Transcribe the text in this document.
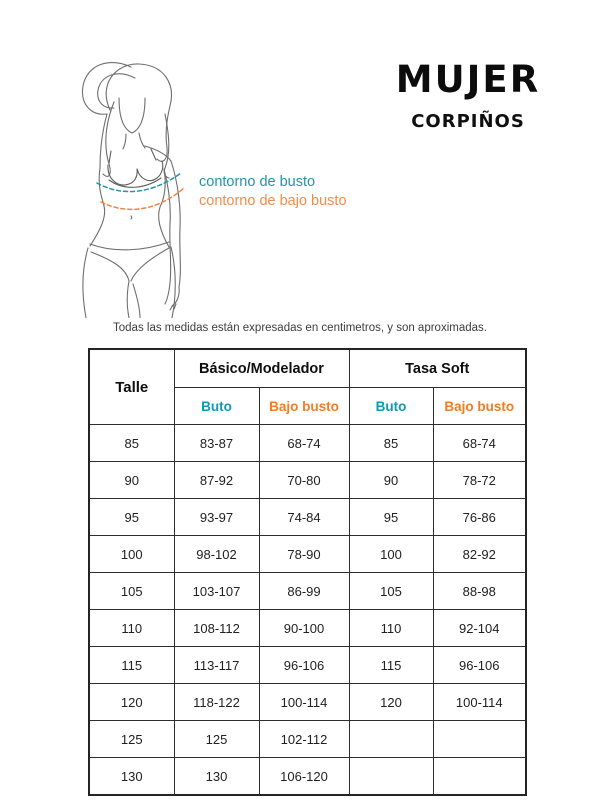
contorno de busto
contorno de bajo busto
MUJER
CORPIÑOS
Todas las medidas están expresadas en centimetros, y son aproximadas.
Talle	Básico/Modelador		Tasa Soft	
	Buto	Bajo busto	Buto	Bajo busto
85	83-87	68-74	85	68-74
90	87-92	70-80	90	78-72
95	93-97	74-84	95	76-86
100	98-102	78-90	100	82-92
105	103-107	86-99	105	88-98
110	108-112	90-100	110	92-104
115	113-117	96-106	115	96-106
120	118-122	100-114	120	100-114
125	125	102-112		
130	130	106-120		
